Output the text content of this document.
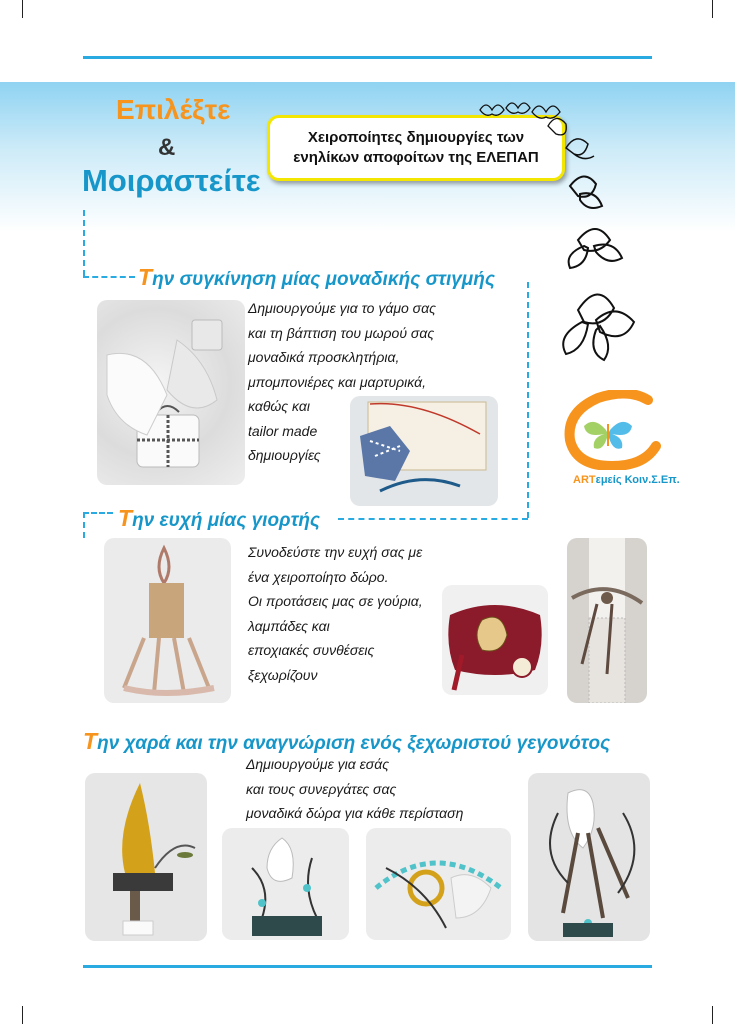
Επιλέξτε
&
Μοιραστείτε
Χειροποίητες δημιουργίες των
ενηλίκων αποφοίτων της ΕΛΕΠΑΠ
Την συγκίνηση μίας μοναδικής στιγμής
Δημιουργούμε για το γάμο σας
και τη βάπτιση του μωρού σας
μοναδικά προσκλητήρια,
μπομπονιέρες και μαρτυρικά,
καθώς και
tailor made
δημιουργίες
Την ευχή μίας γιορτής
Συνοδεύστε την ευχή σας με
ένα χειροποίητο δώρο.
Οι προτάσεις μας σε γούρια,
λαμπάδες και
εποχιακές συνθέσεις
ξεχωρίζουν
Την χαρά και την αναγνώριση ενός ξεχωριστού γεγονότος
Δημιουργούμε για εσάς
και τους συνεργάτες σας
μοναδικά δώρα για κάθε περίσταση
ARTεμείς Κοιν.Σ.Επ.
